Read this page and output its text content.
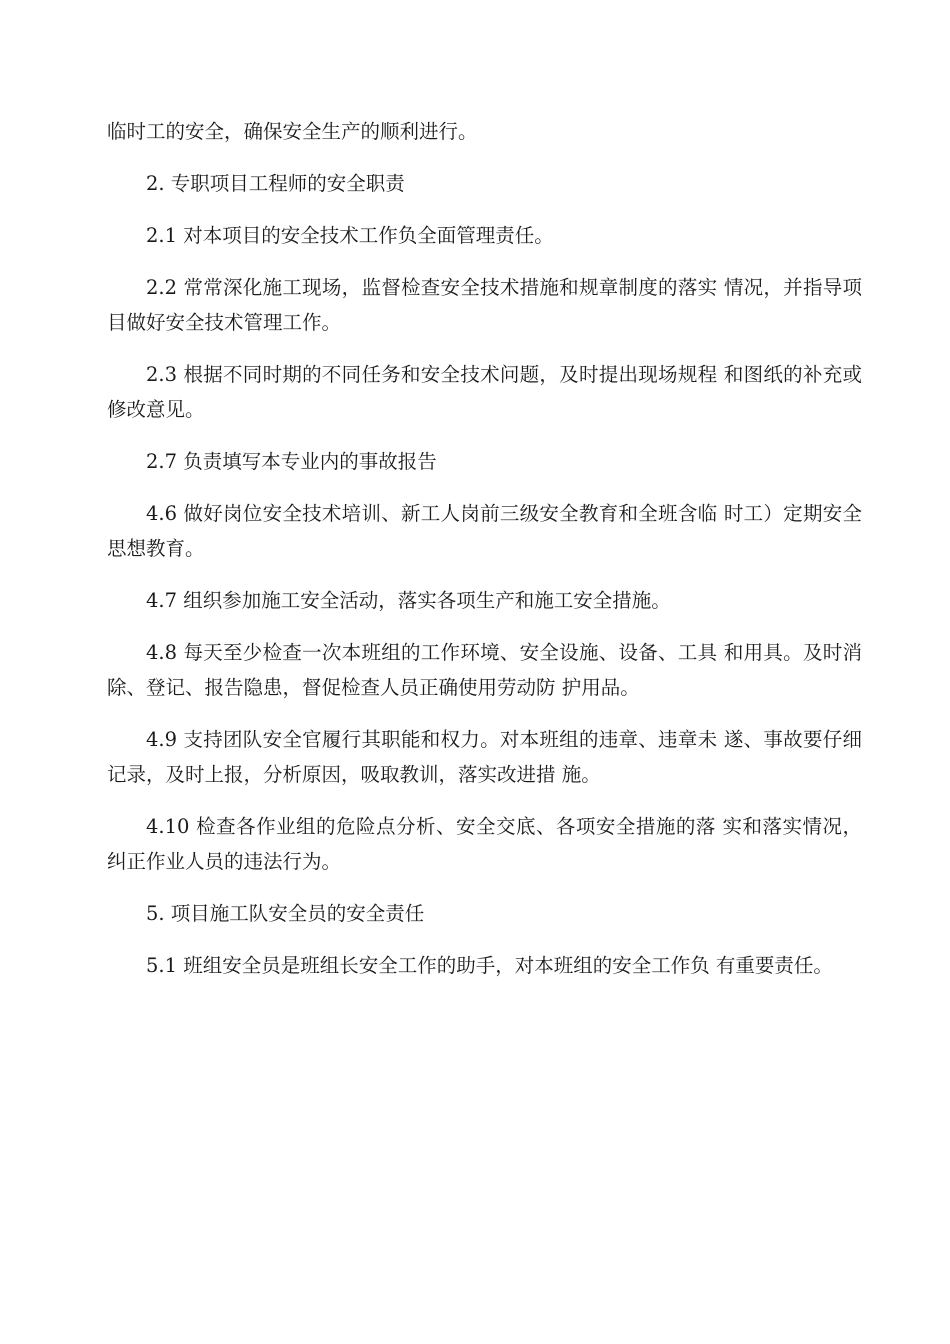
临时工的安全，确保安全生产的顺利进行。

2. 专职项目工程师的安全职责

2.1 对本项目的安全技术工作负全面管理责任。

2.2 常常深化施工现场，监督检查安全技术措施和规章制度的落实 情况，并指导项目做好安全技术管理工作。

2.3 根据不同时期的不同任务和安全技术问题，及时提出现场规程 和图纸的补充或修改意见。

2.7 负责填写本专业内的事故报告

4.6 做好岗位安全技术培训、新工人岗前三级安全教育和全班含临 时工）定期安全思想教育。

4.7 组织参加施工安全活动，落实各项生产和施工安全措施。

4.8 每天至少检查一次本班组的工作环境、安全设施、设备、工具 和用具。及时消除、登记、报告隐患，督促检查人员正确使用劳动防 护用品。

4.9 支持团队安全官履行其职能和权力。对本班组的违章、违章未 遂、事故要仔细记录，及时上报，分析原因，吸取教训，落实改进措 施。

4.10 检查各作业组的危险点分析、安全交底、各项安全措施的落 实和落实情况，纠正作业人员的违法行为。

5. 项目施工队安全员的安全责任

5.1 班组安全员是班组长安全工作的助手，对本班组的安全工作负 有重要责任。
